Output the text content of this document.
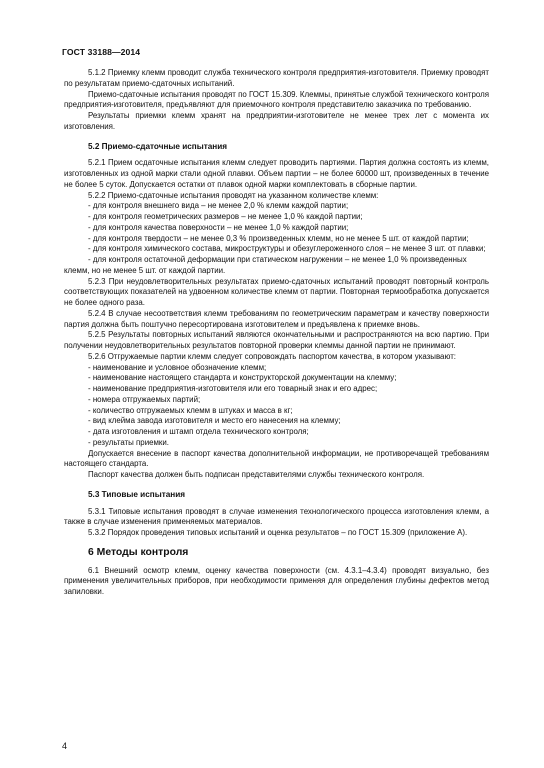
ГОСТ 33188—2014

5.1.2 Приемку клемм проводит служба технического контроля предприятия-изготовителя. Приемку проводят по результатам приемо-сдаточных испытаний.

Приемо-сдаточные испытания проводят по ГОСТ 15.309. Клеммы, принятые службой технического контроля предприятия-изготовителя, предъявляют для приемочного контроля представителю заказчика по требованию.

Результаты приемки клемм хранят на предприятии-изготовителе не менее трех лет с момента их изготовления.

5.2 Приемо-сдаточные испытания

5.2.1 Прием осдаточные испытания клемм следует проводить партиями. Партия должна состоять из клемм, изготовленных из одной марки стали одной плавки. Объем партии – не более 60000 шт, произведенных в течение не более 5 суток. Допускается остатки от плавок одной марки комплектовать в сборные партии.

5.2.2 Приемо-сдаточные испытания проводят на указанном количестве клемм:

- для контроля внешнего вида – не менее 2,0 % клемм каждой партии;

- для контроля геометрических размеров – не менее 1,0 % каждой партии;

- для контроля качества поверхности – не менее 1,0 % каждой партии;

- для контроля твердости – не менее 0,3 % произведенных клемм, но не менее 5 шт. от каждой партии;

- для контроля химического состава, микроструктуры и обезуглероженного слоя – не менее 3 шт. от плавки;

- для контроля остаточной деформации при статическом нагружении – не менее 1,0 % произведенных клемм, но не менее 5 шт. от каждой партии.

5.2.3 При неудовлетворительных результатах приемо-сдаточных испытаний проводят повторный контроль соответствующих показателей на удвоенном количестве клемм от партии. Повторная термообработка допускается не более одного раза.

5.2.4 В случае несоответствия клемм требованиям по геометрическим параметрам и качеству поверхности партия должна быть поштучно пересортирована изготовителем и предъявлена к приемке вновь.

5.2.5 Результаты повторных испытаний являются окончательными и распространяются на всю партию. При получении неудовлетворительных результатов повторной проверки клеммы данной партии не принимают.

5.2.6 Отгружаемые партии клемм следует сопровождать паспортом качества, в котором указывают:

- наименование и условное обозначение клемм;

- наименование настоящего стандарта и конструкторской документации на клемму;

- наименование предприятия-изготовителя или его товарный знак и его адрес;

- номера отгружаемых партий;

- количество отгружаемых клемм в штуках и масса в кг;

- вид клейма завода изготовителя и место его нанесения на клемму;

- дата изготовления и штамп отдела технического контроля;

- результаты приемки.

Допускается внесение в паспорт качества дополнительной информации, не противоречащей требованиям настоящего стандарта.

Паспорт качества должен быть подписан представителями службы технического контроля.

5.3 Типовые испытания

5.3.1 Типовые испытания проводят в случае изменения технологического процесса изготовления клемм, а также в случае изменения применяемых материалов.

5.3.2 Порядок проведения типовых испытаний и оценка результатов – по ГОСТ 15.309 (приложение А).

6 Методы контроля

6.1 Внешний осмотр клемм, оценку качества поверхности (см. 4.3.1–4.3.4) проводят визуально, без применения увеличительных приборов, при необходимости применяя для определения глубины дефектов метод запиловки.

4
